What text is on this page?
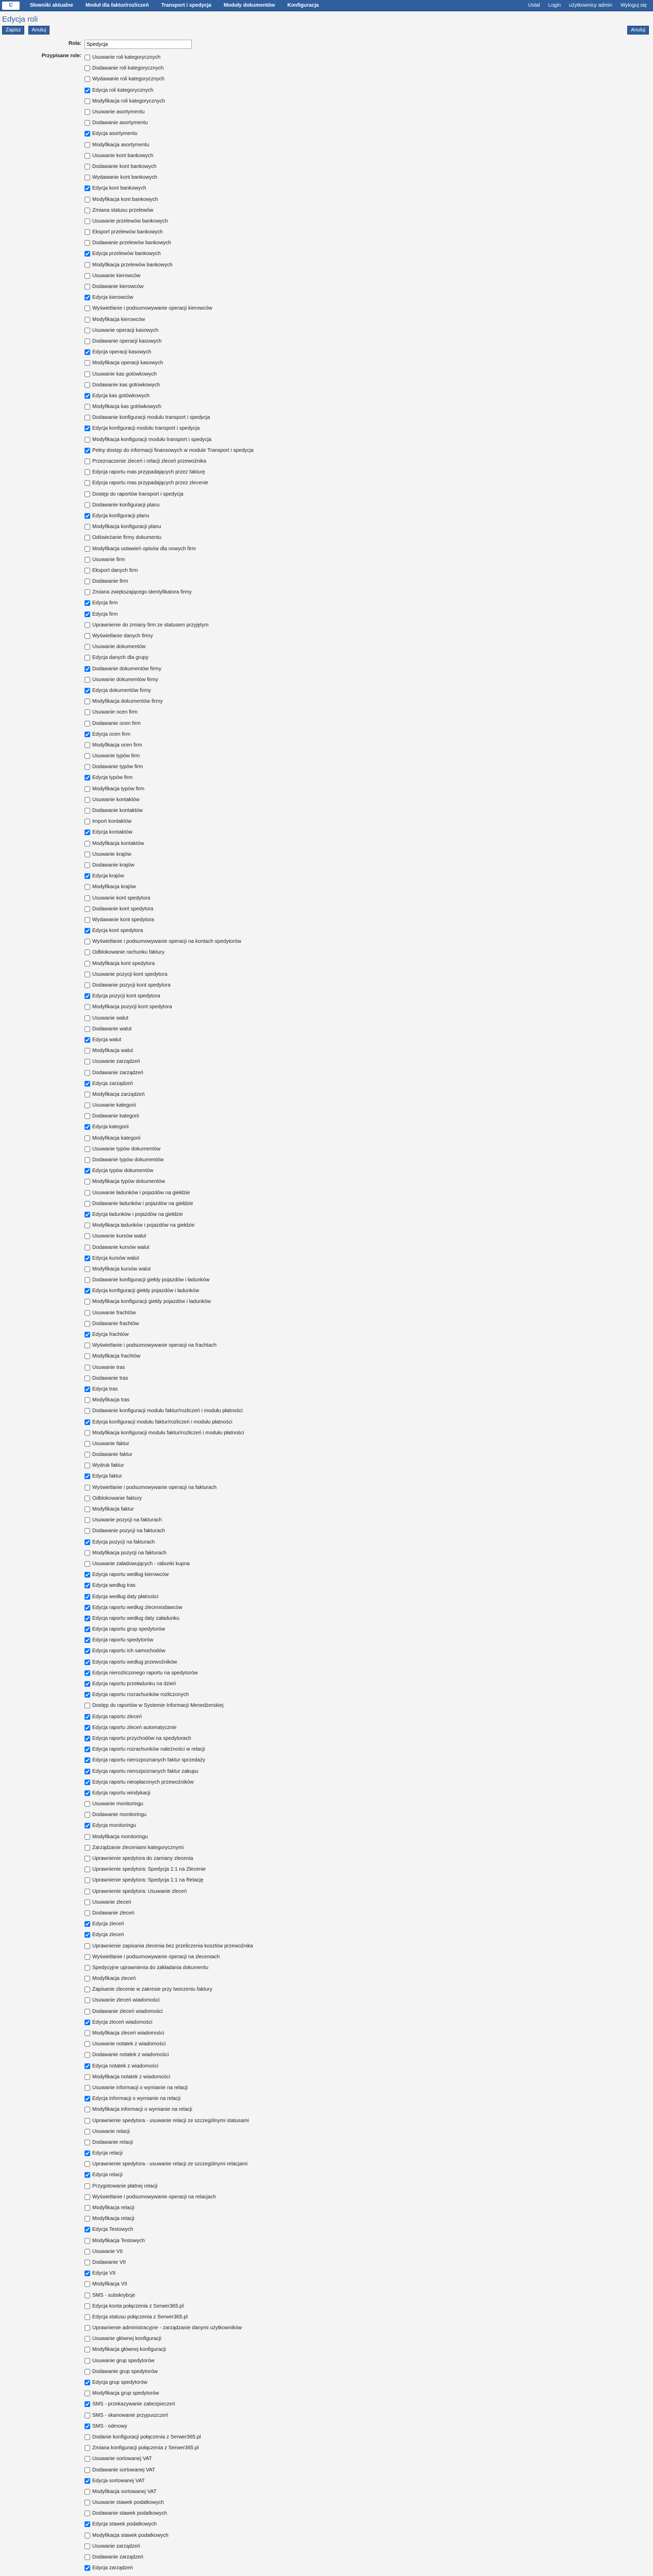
C	Słowniki aktualne	Moduł dla faktur/rozliczeń	Transport i spedycja	Moduły dokumentów	Konfiguracja	Ustal	Login	użytkownicy admin	Wyloguj się
Edycja roli
Zapisz Anuluj	Anuluj
Rola:
Spedycja
Przypisane role:	Usuwanie roli kategorycznych
Dodawanie roli kategorycznych
Wydawanie roli kategorycznych
Edycja roli kategorycznych
Modyfikacja roli kategorycznych
Usuwanie asortymentu
Dodawanie asortymentu
Edycja asortymentu
Modyfikacja asortymentu
Usuwanie kont bankowych
Dodawanie kont bankowych
Wydawanie kont bankowych
Edycja kont bankowych
Modyfikacja kont bankowych
Zmiana statusu przelewów
Usuwanie przelewów bankowych
Eksport przelewów bankowych
Dodawanie przelewów bankowych
Edycja przelewów bankowych
Modyfikacja przelewów bankowych
Usuwanie kierowców
Dodawanie kierowców
Edycja kierowców
Wyświetlanie i podsumowywanie operacji kierowców
Modyfikacja kierowców
Usuwanie operacji kasowych
Dodawanie operacji kasowych
Edycja operacji kasowych
Modyfikacja operacji kasowych
Usuwanie kas gotówkowych
Dodawanie kas gotówkowych
Edycja kas gotówkowych
Modyfikacja kas gotówkowych
Dodawanie konfiguracji modułu transport i spedycja
Edycja konfiguracji modułu transport i spedycja
Modyfikacja konfiguracji modułu transport i spedycja
Pełny dostęp do informacji finansowych w module Transport i spedycja
Przeznaczenie zleceń i relacji zleceń przewoźnika
Edycja raportu mas przypadających przez fakturę
Edycja raportu mas przypadających przez zlecenie
Dostęp do raportów transport i spedycja
Dodawanie konfiguracji planu
Edycja konfiguracji planu
Modyfikacja konfiguracji planu
Odświeżanie firmy dokumentu
Modyfikacja ustawień opisów dla nowych firm
Usuwanie firm
Eksport danych firm
Dodawanie firm
Zmiana zwiększającego identyfikatora firmy
Edycja firm
Edycja firm
Uprawnienie do zmiany firm ze statusem przyjętym
Wyświetlanie danych firmy
Usuwanie dokumentów
Edycja danych dla grupy
Dodawanie dokumentów firmy
Usuwanie dokumentów firmy
Edycja dokumentów firmy
Modyfikacja dokumentów firmy
Usuwanie ocen firm
Dodawanie ocen firm
Edycja ocen firm
Modyfikacja ocen firm
Usuwanie typów firm
Dodawanie typów firm
Edycja typów firm
Modyfikacja typów firm
Usuwanie kontaktów
Dodawanie kontaktów
Import kontaktów
Edycja kontaktów
Modyfikacja kontaktów
Usuwanie krajów
Dodawanie krajów
Edycja krajów
Modyfikacja krajów
Usuwanie kont spedytora
Dodawanie kont spedytora
Wydawanie kont spedytora
Edycja kont spedytora
Wyświetlanie i podsumowywanie operacji na kontach spedytorów
Odblokowanie rachunku faktury
Modyfikacja kont spedytora
Usuwanie pozycji kont spedytora
Dodawanie pozycji kont spedytora
Edycja pozycji kont spedytora
Modyfikacja pozycji kont spedytora
Usuwanie walut
Dodawanie walut
Edycja walut
Modyfikacja walut
Usuwanie zarządzeń
Dodawanie zarządzeń
Edycja zarządzeń
Modyfikacja zarządzeń
Usuwanie kategorii
Dodawanie kategorii
Edycja kategorii
Modyfikacja kategorii
Usuwanie typów dokumentów
Dodawanie typów dokumentów
Edycja typów dokumentów
Modyfikacja typów dokumentów
Usuwanie ładunków i pojazdów na giełdzie
Dodawanie ładunków i pojazdów na giełdzie
Edycja ładunków i pojazdów na giełdzie
Modyfikacja ładunków i pojazdów na giełdzie
Usuwanie kursów walut
Dodawanie kursów walut
Edycja kursów walut
Modyfikacja kursów walut
Dodawanie konfiguracji giełdy pojazdów i ładunków
Edycja konfiguracji giełdy pojazdów i ładunków
Modyfikacja konfiguracji giełdy pojazdów i ładunków
Usuwanie frachtów
Dodawanie frachtów
Edycja frachtów
Wyświetlanie i podsumowywanie operacji na frachtach
Modyfikacja frachtów
Usuwanie tras
Dodawanie tras
Edycja tras
Modyfikacja tras
Dodawanie konfiguracji modułu faktur/rozliczeń i modułu płatności
Edycja konfiguracji modułu faktur/rozliczeń i modułu płatności
Modyfikacja konfiguracji modułu faktur/rozliczeń i modułu płatności
Usuwanie faktur
Dodawanie faktur
Wydruk faktur
Edycja faktur
Wyświetlanie i podsumowywanie operacji na fakturach
Odblokowanie faktury
Modyfikacja faktur
Usuwanie pozycji na fakturach
Dodawanie pozycji na fakturach
Edycja pozycji na fakturach
Modyfikacja pozycji na fakturach
Usuwanie załadowujących - rabunki kupna
Edycja raportu według kierowców
Edycja według tras
Edycja według daty płatności
Edycja raportu według zleceniodawców
Edycja raportu według daty załadunku
Edycja raportu grup spedytorów
Edycja raportu spedytorów
Edycja raportu ich samochodów
Edycja raportu według przewoźników
Edycja nierozliczonego raportu na spedytorów
Edycja raportu przeładunku na dzień
Edycja raportu rozrachunków rozliczonych
Dostęp do raportów w Systemie Informacji Menedżerskiej
Edycja raportu zleceń
Edycja raportu zleceń automatycznie
Edycja raportu przychodów na spedytorach
Edycja raportu rozrachunków należności w relacji
Edycja raportu nierozpoznanych faktur sprzedaży
Edycja raportu nierozpoznanych faktur zakupu
Edycja raportu nieopłaconych przewoźników
Edycja raportu windykacji
Usuwanie monitoringu
Dodawanie monitoringu
Edycja monitoringu
Modyfikacja monitoringu
Zarządzanie zleceniami kategorycznymi
Uprawnienie spedytora do zamiany zlecenia
Uprawnienie spedytora: Spedycja 1:1 na Zlecenie
Uprawnienie spedytora: Spedycja 1:1 na Relację
Uprawnienie spedytora: Usuwanie zleceń
Usuwanie zleceń
Dodawanie zleceń
Edycja zleceń
Edycja zleceń
Uprawnienie zapisania zlecenia bez przeliczenia kosztów przewoźnika
Wyświetlanie i podsumowywanie operacji na zleceniach
Spedycyjne uprawnienia do zakładania dokumentu
Modyfikacja zleceń
Zapisanie zlecenie w zakresie przy tworzeniu faktury
Usuwanie zleceń wiadomości
Dodawanie zleceń wiadomości
Edycja zleceń wiadomości
Modyfikacja zleceń wiadomości
Usuwanie notatek z wiadomości
Dodawanie notatek z wiadomości
Edycja notatek z wiadomości
Modyfikacja notatek z wiadomości
Usuwanie informacji o wymianie na relacji
Edycja informacji o wymianie na relacji
Modyfikacja informacji o wymianie na relacji
Uprawnienie spedytora - usuwanie relacji ze szczególnymi statusami
Usuwanie relacji
Dodawanie relacji
Edycja relacji
Uprawnienie spedytora - usuwanie relacji ze szczególnymi relacjami
Edycja relacji
Przygotowanie płatnej relacji
Wyświetlanie i podsumowywanie operacji na relacjach
Modyfikacja relacji
Modyfikacja relacji
Edycja Testowych
Modyfikacja Testowych
Usuwanie VII
Dodawanie VII
Edycja VII
Modyfikacja VII
SMS - subskrybcje
Edycja konta połączenia z Serwer365.pl
Edycja statusu połączenia z Serwer365.pl
Uprawnienie administracyjne - zarządzanie danymi użytkowników
Usuwanie głównej konfiguracji
Modyfikacja głównej konfiguracji
Usuwanie grup spedytorów
Dodawanie grup spedytorów
Edycja grup spedytorów
Modyfikacja grup spedytorów
SMS - przekazywanie zabezpieczeń
SMS - skanowanie przypuszczeń
SMS - odmowy
Dodanie konfiguracji połączenia z Serwer365.pl
Zmiana konfiguracji połączenia z Serwer365.pl
Usuwanie sortowanej VAT
Dodawanie sortowanej VAT
Edycja sortowanej VAT
Modyfikacja sortowanej VAT
Usuwanie stawek podatkowych
Dodawanie stawek podatkowych
Edycja stawek podatkowych
Modyfikacja stawek podatkowych
Usuwanie zarządzeń
Dodawanie zarządzeń
Edycja zarządzeń
